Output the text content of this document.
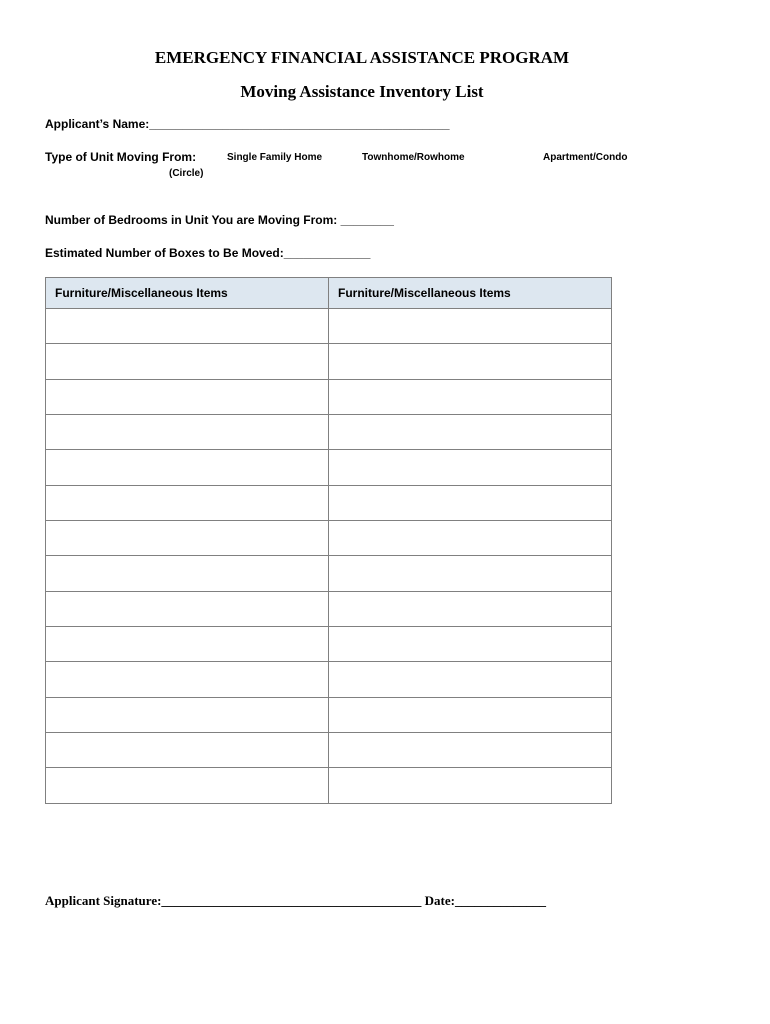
EMERGENCY FINANCIAL ASSISTANCE PROGRAM
Moving Assistance Inventory List
Applicant’s Name:_____________________________________________
Type of Unit Moving From:
(Circle)
Single Family Home	Townhome/Rowhome	Apartment/Condo
Number of Bedrooms in Unit You are Moving From: ________
Estimated Number of Boxes to Be Moved:_____________
Furniture/Miscellaneous Items	Furniture/Miscellaneous Items

Applicant Signature:________________________________________ Date:______________
